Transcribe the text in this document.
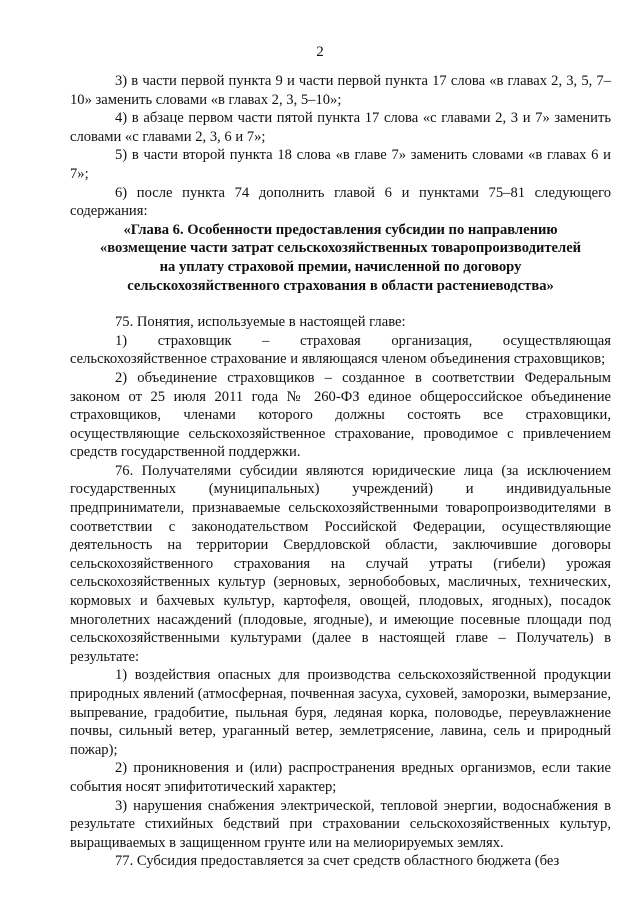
2

3) в части первой пункта 9 и части первой пункта 17 слова «в главах 2, 3, 5, 7–10» заменить словами «в главах 2, 3, 5–10»;

4) в абзаце первом части пятой пункта 17 слова «с главами 2, 3 и 7» заменить словами «с главами 2, 3, 6 и 7»;

5) в части второй пункта 18 слова «в главе 7» заменить словами «в главах 6 и 7»;

6) после пункта 74 дополнить главой 6 и пунктами 75–81 следующего содержания:

«Глава 6. Особенности предоставления субсидии по направлению
«возмещение части затрат сельскохозяйственных товаропроизводителей
на уплату страховой премии, начисленной по договору
сельскохозяйственного страхования в области растениеводства»

75. Понятия, используемые в настоящей главе:

1) страховщик – страховая организация, осуществляющая сельскохозяйственное страхование и являющаяся членом объединения страховщиков;

2) объединение страховщиков – созданное в соответствии Федеральным законом от 25 июля 2011 года № 260-ФЗ единое общероссийское объединение страховщиков, членами которого должны состоять все страховщики, осуществляющие сельскохозяйственное страхование, проводимое с привлечением средств государственной поддержки.

76. Получателями субсидии являются юридические лица (за исключением государственных (муниципальных) учреждений) и индивидуальные предприниматели, признаваемые сельскохозяйственными товаропроизводителями в соответствии с законодательством Российской Федерации, осуществляющие деятельность на территории Свердловской области, заключившие договоры сельскохозяйственного страхования на случай утраты (гибели) урожая сельскохозяйственных культур (зерновых, зернобобовых, масличных, технических, кормовых и бахчевых культур, картофеля, овощей, плодовых, ягодных), посадок многолетних насаждений (плодовые, ягодные), и имеющие посевные площади под сельскохозяйственными культурами (далее в настоящей главе – Получатель) в результате:

1) воздействия опасных для производства сельскохозяйственной продукции природных явлений (атмосферная, почвенная засуха, суховей, заморозки, вымерзание, выпревание, градобитие, пыльная буря, ледяная корка, половодье, переувлажнение почвы, сильный ветер, ураганный ветер, землетрясение, лавина, сель и природный пожар);

2) проникновения и (или) распространения вредных организмов, если такие события носят эпифитотический характер;

3) нарушения снабжения электрической, тепловой энергии, водоснабжения в результате стихийных бедствий при страховании сельскохозяйственных культур, выращиваемых в защищенном грунте или на мелиорируемых землях.

77. Субсидия предоставляется за счет средств областного бюджета (без
